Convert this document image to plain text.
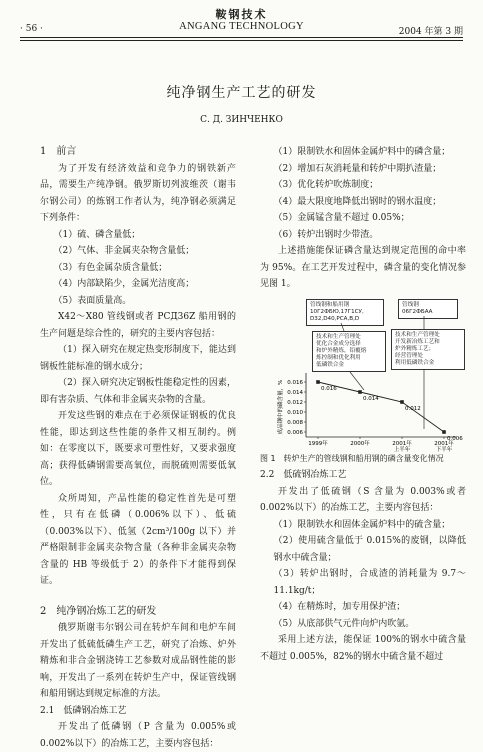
鞍钢技术
· 56 ·	ANGANG TECHNOLOGY	2004 年第 3 期
纯净钢生产工艺的研发
С. Д. ЗИНЧЕНКО

1　前言

为了开发有经济效益和竞争力的钢铁新产品，需要生产纯净钢。俄罗斯切列波维茨（谢韦尔钢公司）的炼钢工作者认为，纯净钢必须满足下列条件：

（1）硫、磷含量低；

（2）气体、非金属夹杂物含量低；

（3）有色金属杂质含量低；

（4）内部缺陷少，金属光洁度高；

（5）表面质量高。

X42～X80 管线钢或者 PCД36Z 船用钢的生产问题是综合性的，研究的主要内容包括：

（1）探入研究在规定热变形制度下，能达到钢板性能标准的钢水成分；

（2）探入研究决定钢板性能稳定性的因素，即有害杂质、气体和非金属夹杂物的含量。

开发这些钢的难点在于必须保证钢板的优良性能，即达到这些性能的条件又相互制约。例如：在零度以下，既要求可塑性好，又要求强度高；获得低磷钢需要高氧位，而脱硫则需要低氧位。

众所周知，产品性能的稳定性首先是可塑性，只有在低磷（0.006%以下）、低硫（0.003%以下）、低氢（2cm³/100g 以下）并严格限制非金属夹杂物含量（各种非金属夹杂物含量的 HB 等级低于 2）的条件下才能得到保证。

2　纯净钢冶炼工艺的研发

俄罗斯谢韦尔钢公司在转炉车间和电炉车间开发出了低硫低磷生产工艺，研究了冶炼、炉外精炼和非合金钢浇铸工艺参数对成品钢性能的影响，开发出了一系列在转炉生产中，保证管线钢和船用钢达到规定标准的方法。

2.1　低磷钢冶炼工艺

开发出了低磷钢（P 含量为 0.005%或 0.002%以下）的冶炼工艺，主要内容包括：

（1）限制铁水和固体金属炉料中的磷含量；

（2）增加石灰消耗量和转炉中期扒渣量；

（3）优化转炉吹炼制度；

（4）最大限度地降低出钢时的钢水温度；

（5）金属锰含量不超过 0.05%；

（6）转炉出钢时少带渣。

上述措施能保证磷含量达到规定范围的命中率为 95%。在工艺开发过程中，磷含量的变化情况参见图 1。

管线钢和船用钢
10Г2ФБЮ,17Г1СУ,
D32,D40,PCA,B,D
管线钢
06Г2ФБАА
技术和生产管理处
优化合金成分选择
和炉外精炼，铅覆熔
炼控制和优化利用
低磷铁合金
技术和生产管理处
开发新冶炼工艺和
炉外精炼工艺；
经营管理处
利用低磷铁合金
0.016
0.014
0.012
0.010
0.008
0.006
成品钢中的磷含量，%
1999年	2000年	2001年
上半年
2001年
下半年
0.016
0.014
0.012
0.006

图 1　转炉生产的管线钢和船用钢的磷含量变化情况

2.2　低硫钢冶炼工艺

开发出了低硫钢（S 含量为 0.003%或者 0.002%以下）的冶炼工艺，主要内容包括：

（1）限制铁水和固体金属炉料中的硫含量；

（2）使用硫含量低于 0.015%的废钢，以降低钢水中硫含量；

（3）转炉出钢时，合成渣的消耗量为 9.7～11.1kg/t；

（4）在精炼时，加专用保护渣；

（5）从底部供气元件向炉内吹氩。

采用上述方法，能保证 100%的钢水中硫含量不超过 0.005%，82%的钢水中硫含量不超过
